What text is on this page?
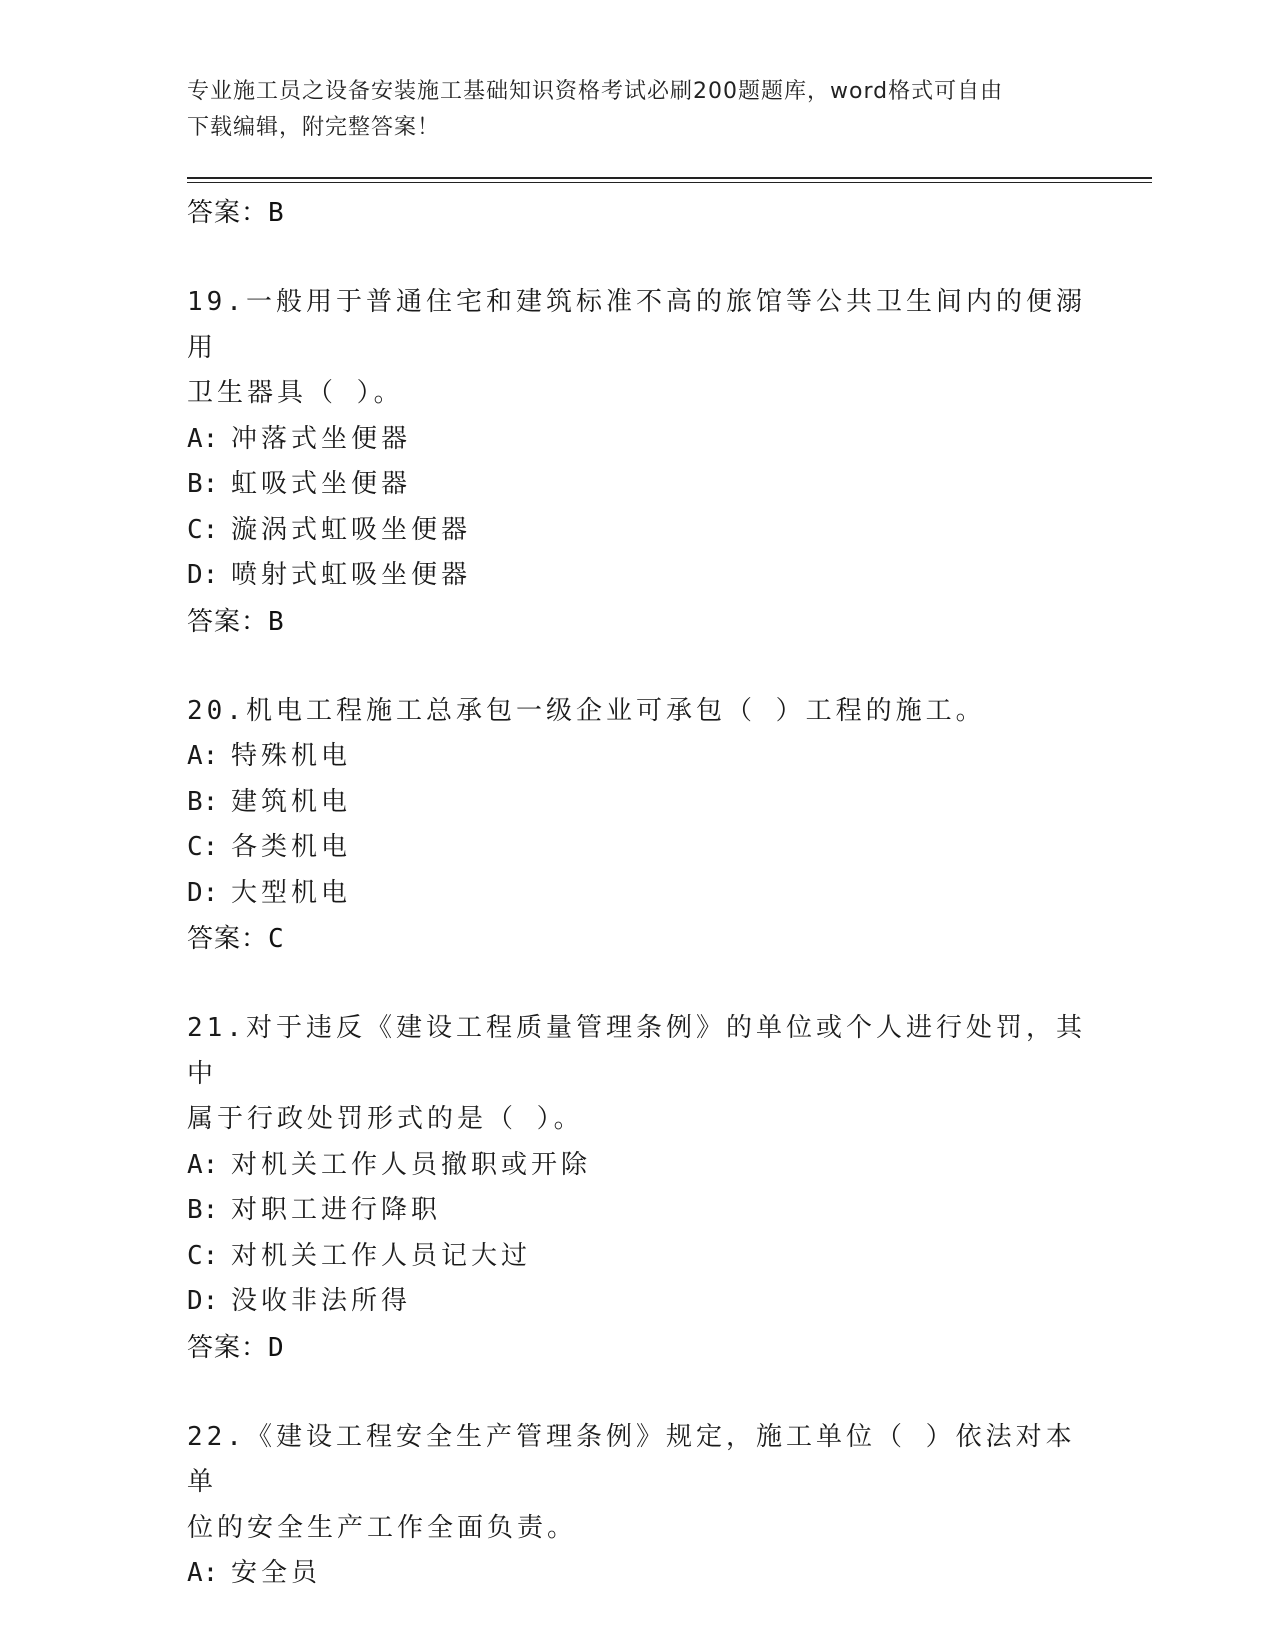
专业施工员之设备安装施工基础知识资格考试必刷200题题库，word格式可自由
下载编辑，附完整答案！
答案：B
19.一般用于普通住宅和建筑标准不高的旅馆等公共卫生间内的便溺用
卫生器具（ ）。
A: 冲落式坐便器
B: 虹吸式坐便器
C: 漩涡式虹吸坐便器
D: 喷射式虹吸坐便器
答案：B
20.机电工程施工总承包一级企业可承包（ ）工程的施工。
A: 特殊机电
B: 建筑机电
C: 各类机电
D: 大型机电
答案：C
21.对于违反《建设工程质量管理条例》的单位或个人进行处罚，其中
属于行政处罚形式的是（ ）。
A: 对机关工作人员撤职或开除
B: 对职工进行降职
C: 对机关工作人员记大过
D: 没收非法所得
答案：D
22.《建设工程安全生产管理条例》规定，施工单位（ ）依法对本单
位的安全生产工作全面负责。
A: 安全员
